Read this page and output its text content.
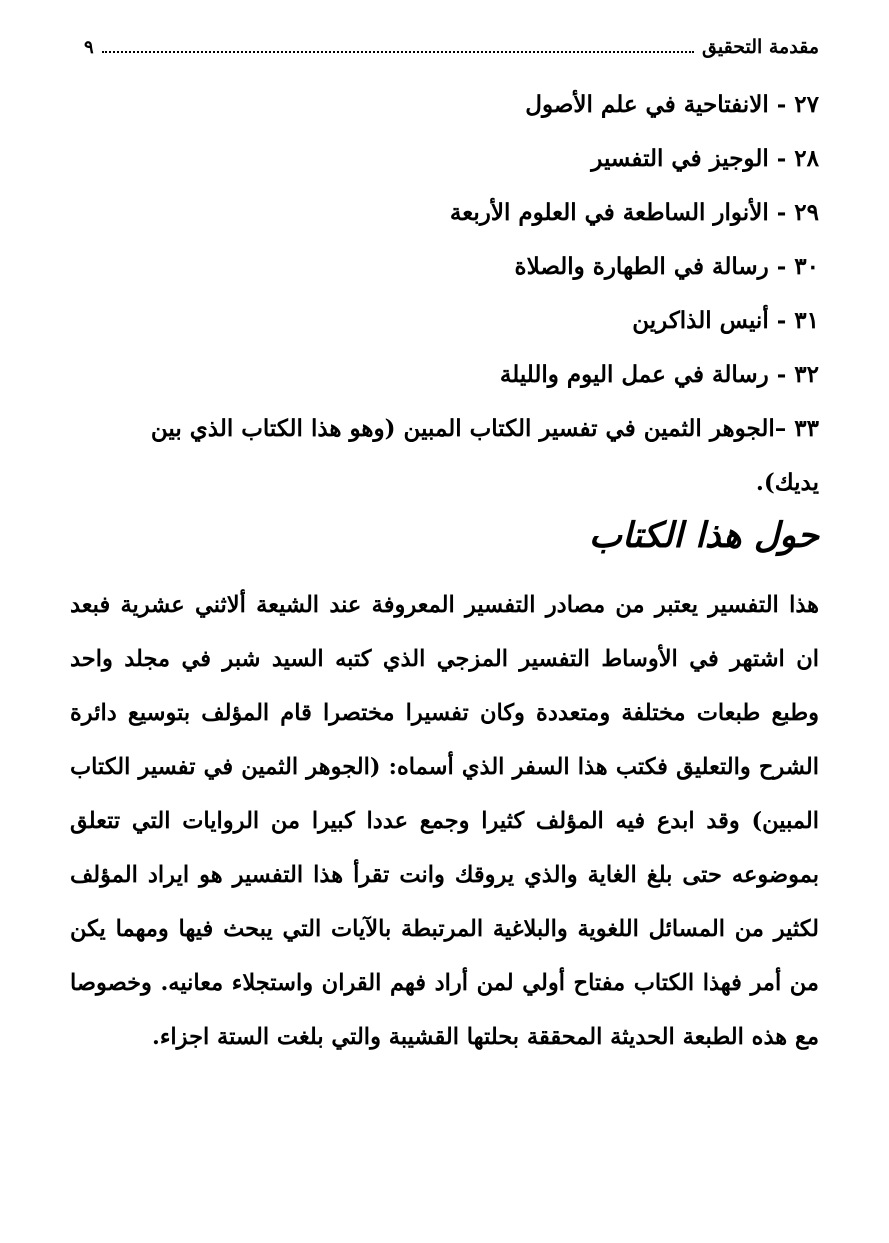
مقدمة التحقيق
٩
٢٧ - الانفتاحية في علم الأصول
٢٨ - الوجيز في التفسير
٢٩ - الأنوار الساطعة في العلوم الأربعة
٣٠ - رسالة في الطهارة والصلاة
٣١ - أنيس الذاكرين
٣٢ - رسالة في عمل اليوم والليلة
٣٣ –الجوهر الثمين في تفسير الكتاب المبين (وهو هذا الكتاب الذي بين يديك).
حول هذا الكتاب

هذا التفسير يعتبر من مصادر التفسير المعروفة عند الشيعة ألاثني عشرية فبعد ان اشتهر في الأوساط التفسير المزجي الذي كتبه السيد شبر في مجلد واحد وطبع طبعات مختلفة ومتعددة وكان تفسيرا مختصرا قام المؤلف بتوسيع دائرة الشرح والتعليق فكتب هذا السفر الذي أسماه: (الجوهر الثمين في تفسير الكتاب المبين) وقد ابدع فيه المؤلف كثيرا وجمع عددا كبيرا من الروايات التي تتعلق بموضوعه حتى بلغ الغاية والذي يروقك وانت تقرأ هذا التفسير هو ايراد المؤلف لكثير من المسائل اللغوية والبلاغية المرتبطة بالآيات التي يبحث فيها ومهما يكن من أمر فهذا الكتاب مفتاح أولي لمن أراد فهم القران واستجلاء معانيه. وخصوصا مع هذه الطبعة الحديثة المحققة بحلتها القشيبة والتي بلغت الستة اجزاء.
